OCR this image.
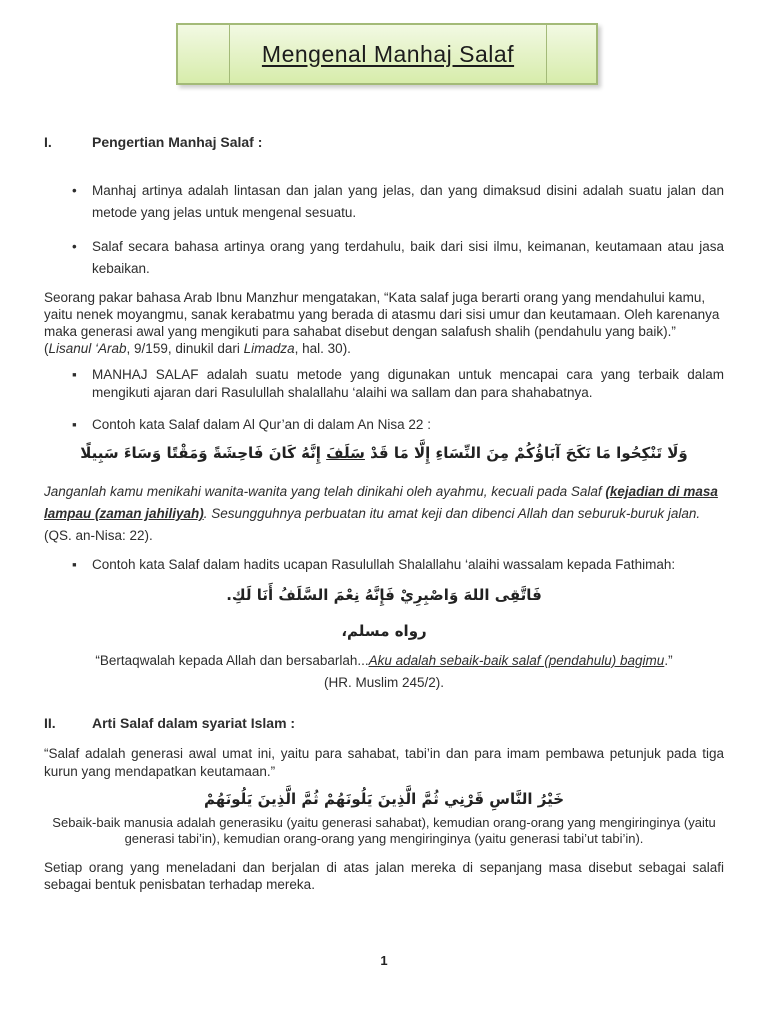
Mengenal Manhaj Salaf
I.	Pengertian Manhaj Salaf :
•	Manhaj artinya adalah lintasan dan jalan yang jelas, dan yang dimaksud disini adalah suatu jalan dan metode yang jelas untuk mengenal sesuatu.
•	Salaf secara bahasa artinya orang yang terdahulu, baik dari sisi ilmu, keimanan, keutamaan atau jasa kebaikan.

Seorang pakar bahasa Arab Ibnu Manzhur mengatakan, “Kata salaf juga berarti orang yang mendahului kamu, yaitu nenek moyangmu, sanak kerabatmu yang berada di atasmu dari sisi umur dan keutamaan. Oleh karenanya maka generasi awal yang mengikuti para sahabat disebut dengan salafush shalih (pendahulu yang baik).” (Lisanul ‘Arab, 9/159, dinukil dari Limadza, hal. 30).

▪	MANHAJ SALAF adalah suatu metode yang digunakan untuk mencapai cara yang terbaik dalam mengikuti ajaran dari Rasulullah shalallahu ‘alaihi wa sallam dan para shahabatnya.
▪	Contoh kata Salaf dalam Al Qur’an di dalam An Nisa 22 :
وَلَا تَنْكِحُوا مَا نَكَحَ آبَاؤُكُمْ مِنَ النِّسَاءِ إِلَّا مَا قَدْ سَلَفَ إِنَّهُ كَانَ فَاحِشَةً وَمَقْتًا وَسَاءَ سَبِيلًا

Janganlah kamu menikahi wanita-wanita yang telah dinikahi oleh ayahmu, kecuali pada Salaf (kejadian di masa lampau (zaman jahiliyah). Sesungguhnya perbuatan itu amat keji dan dibenci Allah dan seburuk-buruk jalan. (QS. an-Nisa: 22).

▪	Contoh kata Salaf dalam hadits ucapan Rasulullah Shalallahu ‘alaihi wassalam kepada Fathimah:
فَاتَّقِى اللهَ وَاصْبِرِيْ فَإِنَّهُ نِعْمَ السَّلَفُ أَنَا لَكِ.
رواه مسلم،

“Bertaqwalah kepada Allah dan bersabarlah...Aku adalah sebaik-baik salaf (pendahulu) bagimu.”
(HR. Muslim 245/2).

II.	Arti Salaf dalam syariat Islam :

“Salaf adalah generasi awal umat ini, yaitu para sahabat, tabi’in dan para imam pembawa petunjuk pada tiga kurun yang mendapatkan keutamaan.”

خَيْرُ النَّاسِ قَرْنِي ثُمَّ الَّذِينَ يَلُونَهُمْ ثُمَّ الَّذِينَ يَلُونَهُمْ

Sebaik-baik manusia adalah generasiku (yaitu generasi sahabat), kemudian orang-orang yang mengiringinya (yaitu generasi tabi’in), kemudian orang-orang yang mengiringinya (yaitu generasi tabi’ut tabi’in).

Setiap orang yang meneladani dan berjalan di atas jalan mereka di sepanjang masa disebut sebagai salafi sebagai bentuk penisbatan terhadap mereka.

1
